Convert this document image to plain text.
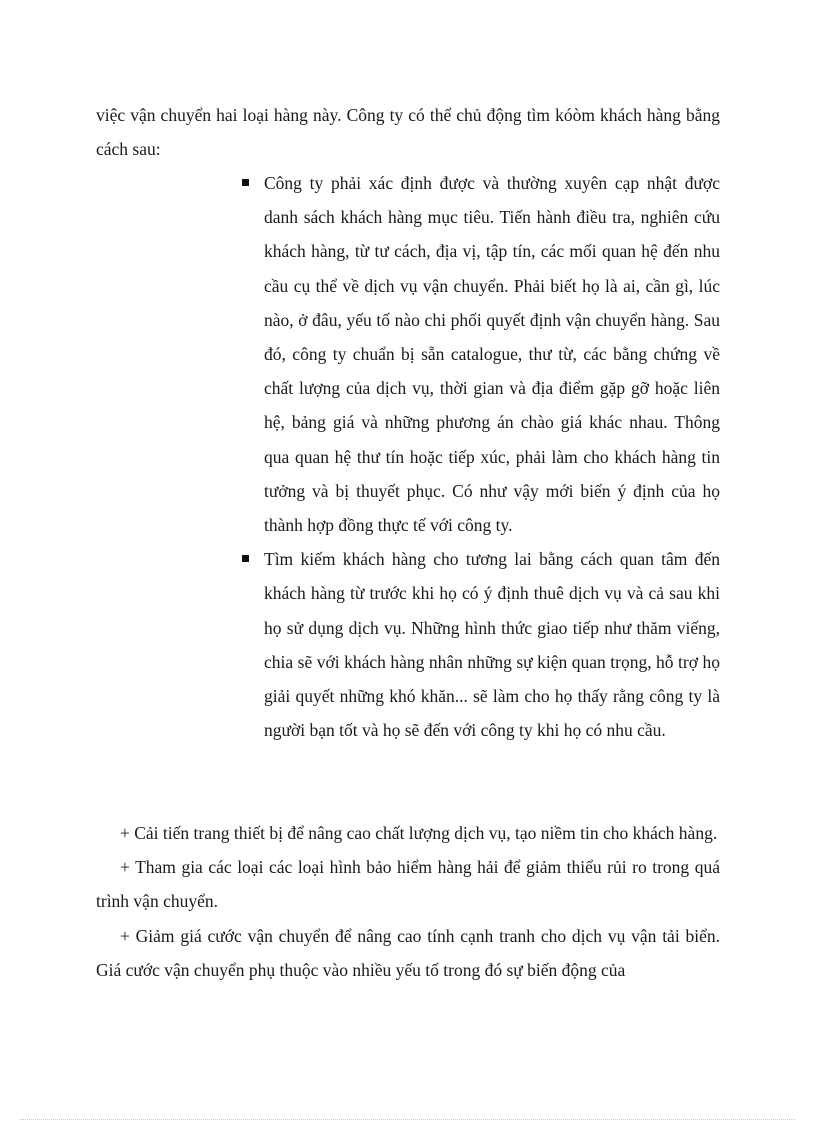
việc vận chuyển hai loại hàng này. Công ty có thể chủ động tìm kóòm khách hàng bằng cách sau:

Công ty phải xác định được và thường xuyên cạp nhật được danh sách khách hàng mục tiêu. Tiến hành điều tra, nghiên cứu khách hàng, từ tư cách, địa vị, tập tín, các mối quan hệ đến nhu cầu cụ thể về dịch vụ vận chuyển. Phải biết họ là ai, cần gì, lúc nào, ở đâu, yếu tố nào chi phối quyết định vận chuyển hàng. Sau đó, công ty chuẩn bị sẵn catalogue, thư từ, các bằng chứng về chất lượng của dịch vụ, thời gian và địa điểm gặp gỡ hoặc liên hệ, bảng giá và những phương án chào giá khác nhau. Thông qua quan hệ thư tín hoặc tiếp xúc, phải làm cho khách hàng tin tưởng và bị thuyết phục. Có như vậy mới biến ý định của họ thành hợp đồng thực tế với công ty.
Tìm kiếm khách hàng cho tương lai bằng cách quan tâm đến khách hàng từ trước khi họ có ý định thuê dịch vụ và cả sau khi họ sử dụng dịch vụ. Những hình thức giao tiếp như thăm viếng, chia sẽ với khách hàng nhân những sự kiện quan trọng, hỗ trợ họ giải quyết những khó khăn... sẽ làm cho họ thấy rằng công ty là người bạn tốt và họ sẽ đến với công ty khi họ có nhu cầu.

+ Cải tiến trang thiết bị để nâng cao chất lượng dịch vụ, tạo niềm tin cho khách hàng.

+ Tham gia các loại các loại hình bảo hiểm hàng hải để giảm thiểu rủi ro trong quá trình vận chuyển.

+ Giảm giá cước vận chuyển để nâng cao tính cạnh tranh cho dịch vụ vận tải biển. Giá cước vận chuyển phụ thuộc vào nhiều yếu tố trong đó sự biến động của
